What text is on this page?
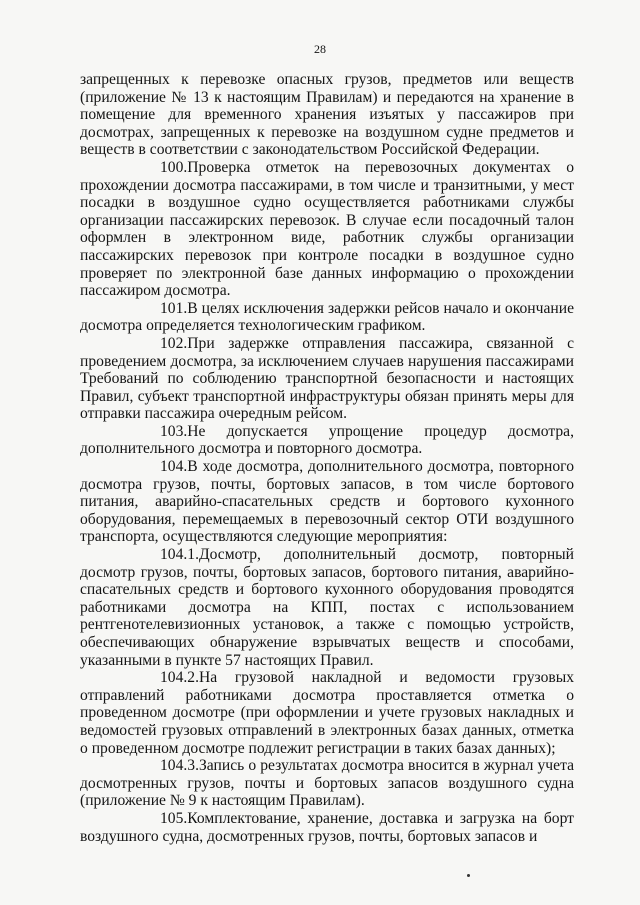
28

запрещенных к перевозке опасных грузов, предметов или веществ (приложение № 13 к настоящим Правилам) и передаются на хранение в помещение для временного хранения изъятых у пассажиров при досмотрах, запрещенных к перевозке на воздушном судне предметов и веществ в соответствии с законодательством Российской Федерации.

100.Проверка отметок на перевозочных документах о прохождении досмотра пассажирами, в том числе и транзитными, у мест посадки в воздушное судно осуществляется работниками службы организации пассажирских перевозок. В случае если посадочный талон оформлен в электронном виде, работник службы организации пассажирских перевозок при контроле посадки в воздушное судно проверяет по электронной базе данных информацию о прохождении пассажиром досмотра.

101.В целях исключения задержки рейсов начало и окончание досмотра определяется технологическим графиком.

102.При задержке отправления пассажира, связанной с проведением досмотра, за исключением случаев нарушения пассажирами Требований по соблюдению транспортной безопасности и настоящих Правил, субъект транспортной инфраструктуры обязан принять меры для отправки пассажира очередным рейсом.

103.Не допускается упрощение процедур досмотра, дополнительного досмотра и повторного досмотра.

104.В ходе досмотра, дополнительного досмотра, повторного досмотра грузов, почты, бортовых запасов, в том числе бортового питания, аварийно-спасательных средств и бортового кухонного оборудования, перемещаемых в перевозочный сектор ОТИ воздушного транспорта, осуществляются следующие мероприятия:

104.1.Досмотр, дополнительный досмотр, повторный досмотр грузов, почты, бортовых запасов, бортового питания, аварийно-спасательных средств и бортового кухонного оборудования проводятся работниками досмотра на КПП, постах с использованием рентгенотелевизионных установок, а также с помощью устройств, обеспечивающих обнаружение взрывчатых веществ и способами, указанными в пункте 57 настоящих Правил.

104.2.На грузовой накладной и ведомости грузовых отправлений работниками досмотра проставляется отметка о проведенном досмотре (при оформлении и учете грузовых накладных и ведомостей грузовых отправлений в электронных базах данных, отметка о проведенном досмотре подлежит регистрации в таких базах данных);

104.3.Запись о результатах досмотра вносится в журнал учета досмотренных грузов, почты и бортовых запасов воздушного судна (приложение № 9 к настоящим Правилам).

105.Комплектование, хранение, доставка и загрузка на борт воздушного судна, досмотренных грузов, почты, бортовых запасов и
